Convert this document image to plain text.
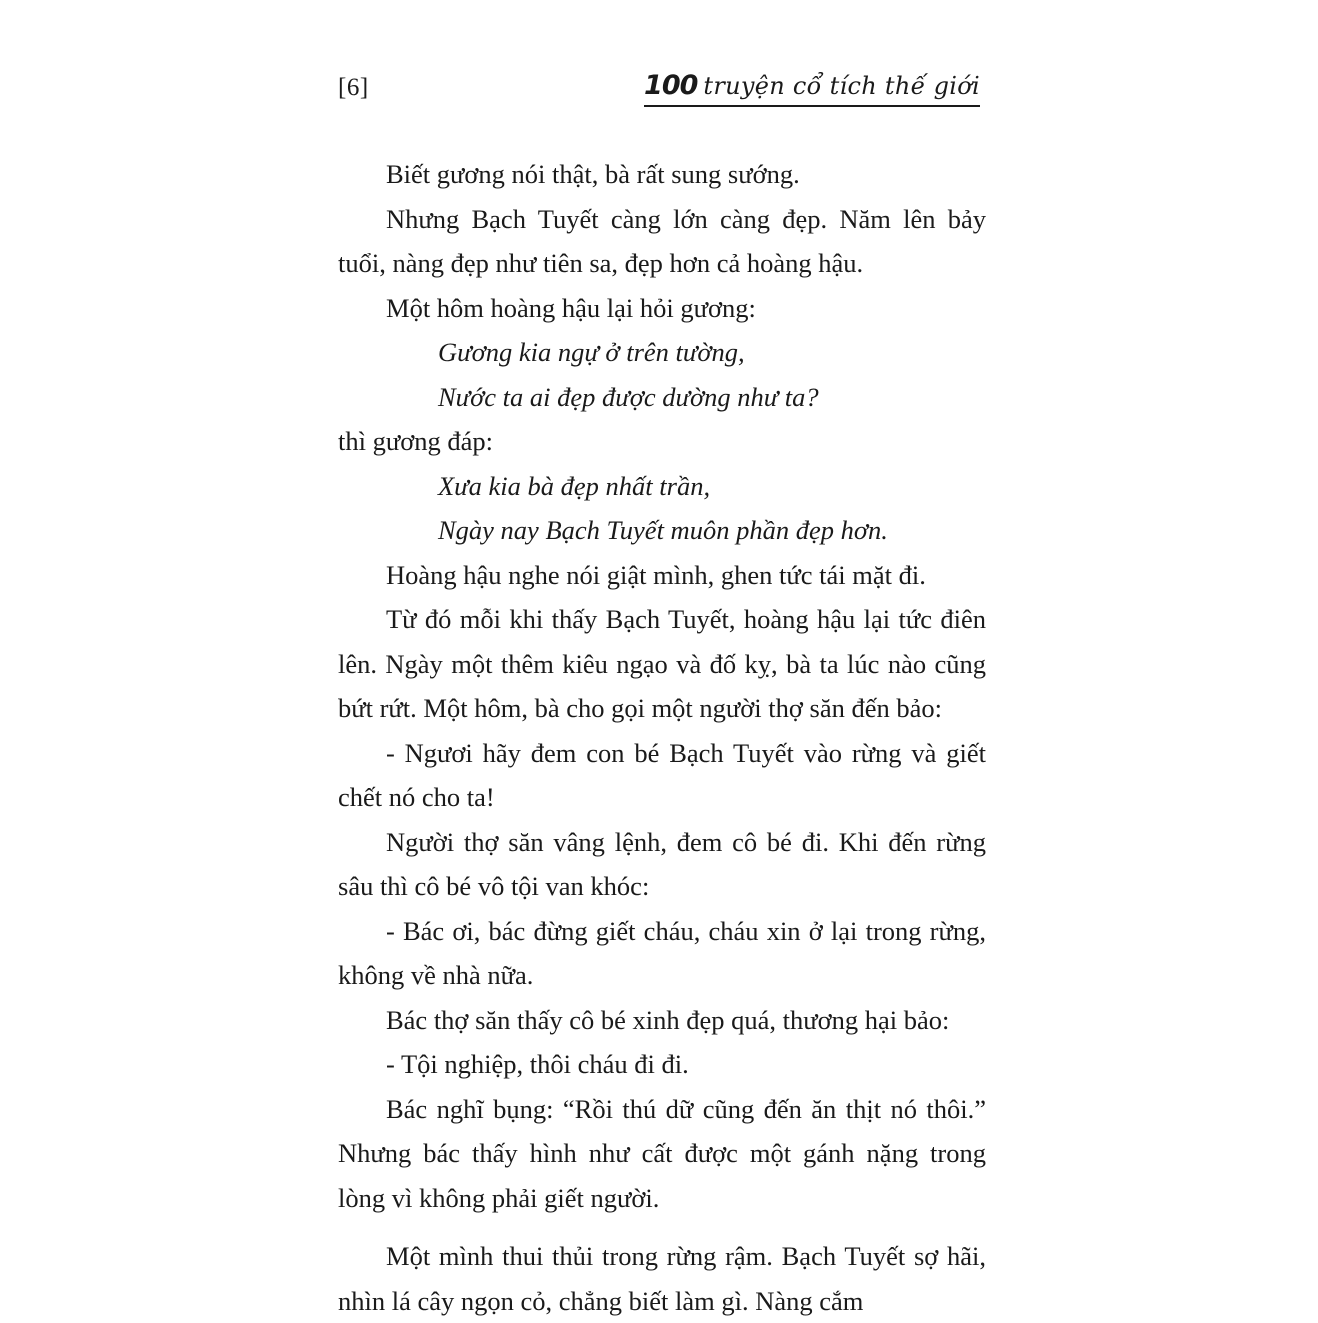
[6]	100 truyện cổ tích thế giới

Biết gương nói thật, bà rất sung sướng.

Nhưng Bạch Tuyết càng lớn càng đẹp. Năm lên bảy tuổi, nàng đẹp như tiên sa, đẹp hơn cả hoàng hậu.

Một hôm hoàng hậu lại hỏi gương:

Gương kia ngự ở trên tường,

Nước ta ai đẹp được dường như ta?

thì gương đáp:

Xưa kia bà đẹp nhất trần,

Ngày nay Bạch Tuyết muôn phần đẹp hơn.

Hoàng hậu nghe nói giật mình, ghen tức tái mặt đi.

Từ đó mỗi khi thấy Bạch Tuyết, hoàng hậu lại tức điên lên. Ngày một thêm kiêu ngạo và đố kỵ, bà ta lúc nào cũng bứt rứt. Một hôm, bà cho gọi một người thợ săn đến bảo:

- Ngươi hãy đem con bé Bạch Tuyết vào rừng và giết chết nó cho ta!

Người thợ săn vâng lệnh, đem cô bé đi. Khi đến rừng sâu thì cô bé vô tội van khóc:

- Bác ơi, bác đừng giết cháu, cháu xin ở lại trong rừng, không về nhà nữa.

Bác thợ săn thấy cô bé xinh đẹp quá, thương hại bảo:

- Tội nghiệp, thôi cháu đi đi.

Bác nghĩ bụng: “Rồi thú dữ cũng đến ăn thịt nó thôi.” Nhưng bác thấy hình như cất được một gánh nặng trong lòng vì không phải giết người.

Một mình thui thủi trong rừng rậm. Bạch Tuyết sợ hãi, nhìn lá cây ngọn cỏ, chẳng biết làm gì. Nàng cắm
